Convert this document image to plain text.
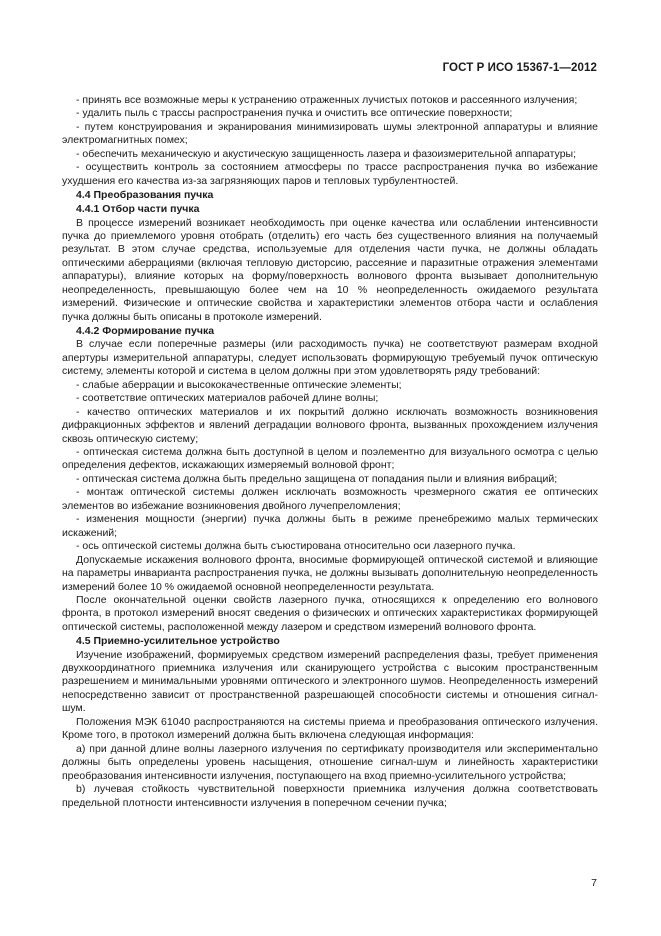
ГОСТ Р ИСО 15367-1—2012

- принять все возможные меры к устранению отраженных лучистых потоков и рассеянного излучения;

- удалить пыль с трассы распространения пучка и очистить все оптические поверхности;

- путем конструирования и экранирования минимизировать шумы электронной аппаратуры и влияние электромагнитных помех;

- обеспечить механическую и акустическую защищенность лазера и фазоизмерительной аппаратуры;

- осуществить контроль за состоянием атмосферы по трассе распространения пучка во избежание ухудшения его качества из-за загрязняющих паров и тепловых турбулентностей.

4.4 Преобразования пучка
4.4.1 Отбор части пучка

В процессе измерений возникает необходимость при оценке качества или ослаблении интенсивности пучка до приемлемого уровня отобрать (отделить) его часть без существенного влияния на получаемый результат. В этом случае средства, используемые для отделения части пучка, не должны обладать оптическими аберрациями (включая тепловую дисторсию, рассеяние и паразитные отражения элементами аппаратуры), влияние которых на форму/поверхность волнового фронта вызывает дополнительную неопределенность, превышающую более чем на 10 % неопределенность ожидаемого результата измерений. Физические и оптические свойства и характеристики элементов отбора части и ослабления пучка должны быть описаны в протоколе измерений.

4.4.2 Формирование пучка

В случае если поперечные размеры (или расходимость пучка) не соответствуют размерам входной апертуры измерительной аппаратуры, следует использовать формирующую требуемый пучок оптическую систему, элементы которой и система в целом должны при этом удовлетворять ряду требований:

- слабые аберрации и высококачественные оптические элементы;

- соответствие оптических материалов рабочей длине волны;

- качество оптических материалов и их покрытий должно исключать возможность возникновения дифракционных эффектов и явлений деградации волнового фронта, вызванных прохождением излучения сквозь оптическую систему;

- оптическая система должна быть доступной в целом и поэлементно для визуального осмотра с целью определения дефектов, искажающих измеряемый волновой фронт;

- оптическая система должна быть предельно защищена от попадания пыли и влияния вибраций;

- монтаж оптической системы должен исключать возможность чрезмерного сжатия ее оптических элементов во избежание возникновения двойного лучепреломления;

- изменения мощности (энергии) пучка должны быть в режиме пренебрежимо малых термических искажений;

- ось оптической системы должна быть съюстирована относительно оси лазерного пучка.

Допускаемые искажения волнового фронта, вносимые формирующей оптической системой и влияющие на параметры инварианта распространения пучка, не должны вызывать дополнительную неопределенность измерений более 10 % ожидаемой основной неопределенности результата.

После окончательной оценки свойств лазерного пучка, относящихся к определению его волнового фронта, в протокол измерений вносят сведения о физических и оптических характеристиках формирующей оптической системы, расположенной между лазером и средством измерений волнового фронта.

4.5 Приемно-усилительное устройство

Изучение изображений, формируемых средством измерений распределения фазы, требует применения двухкоординатного приемника излучения или сканирующего устройства с высоким пространственным разрешением и минимальными уровнями оптического и электронного шумов. Неопределенность измерений непосредственно зависит от пространственной разрешающей способности системы и отношения сигнал-шум.

Положения МЭК 61040 распространяются на системы приема и преобразования оптического излучения. Кроме того, в протокол измерений должна быть включена следующая информация:

а) при данной длине волны лазерного излучения по сертификату производителя или экспериментально должны быть определены уровень насыщения, отношение сигнал-шум и линейность характеристики преобразования интенсивности излучения, поступающего на вход приемно-усилительного устройства;

b) лучевая стойкость чувствительной поверхности приемника излучения должна соответствовать предельной плотности интенсивности излучения в поперечном сечении пучка;

7
